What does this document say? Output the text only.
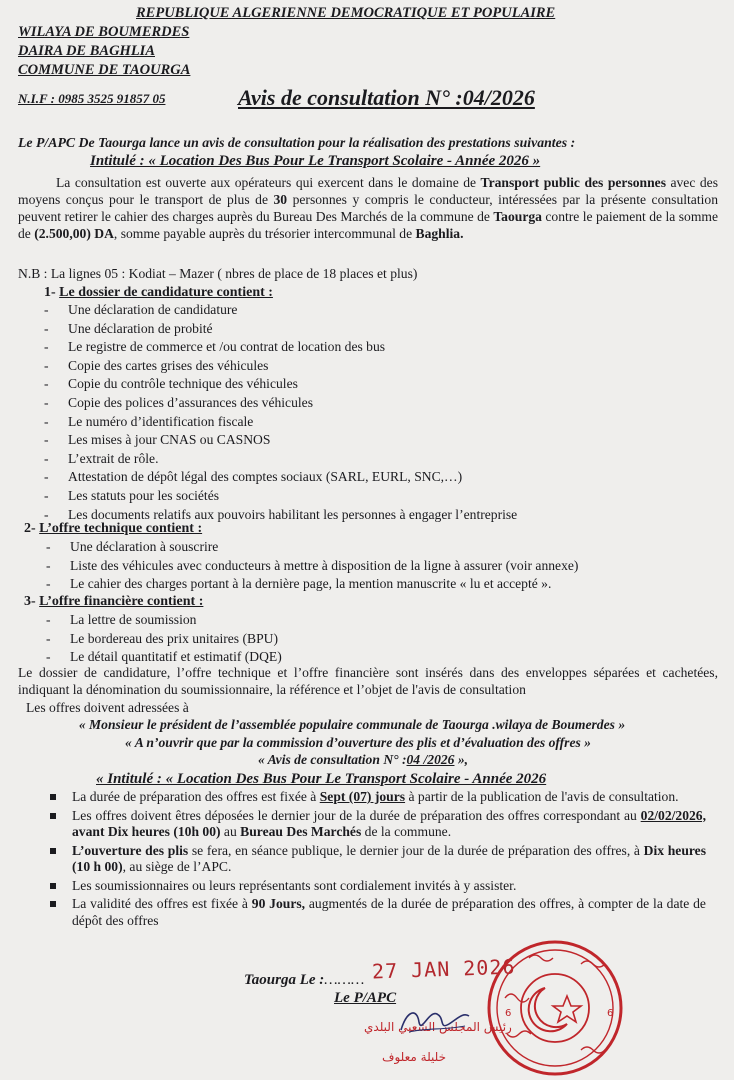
REPUBLIQUE ALGERIENNE DEMOCRATIQUE ET POPULAIRE
WILAYA DE BOUMERDES
DAIRA DE BAGHLIA
COMMUNE DE TAOURGA
N.I.F : 0985 3525 91857 05	Avis de consultation N° :04/2026
Le P/APC De Taourga lance un avis de consultation pour la réalisation des prestations suivantes :
Intitulé : « Location Des Bus Pour Le Transport Scolaire - Année 2026 »
La consultation est ouverte aux opérateurs qui exercent dans le domaine de Transport public des personnes avec des moyens conçus pour le transport de plus de 30 personnes y compris le conducteur, intéressées par la présente consultation peuvent retirer le cahier des charges auprès du Bureau Des Marchés de la commune de Taourga contre le paiement de la somme de (2.500,00) DA, somme payable auprès du trésorier intercommunal de Baghlia.
N.B : La lignes 05 : Kodiat – Mazer ( nbres de place de 18 places et plus)
1- Le dossier de candidature contient :
- Une déclaration de candidature
- Une déclaration de probité
- Le registre de commerce et /ou contrat de location des bus
- Copie des cartes grises des véhicules
- Copie du contrôle technique des véhicules
- Copie des polices d’assurances des véhicules
- Le numéro d’identification fiscale
- Les mises à jour CNAS ou CASNOS
- L’extrait de rôle.
- Attestation de dépôt légal des comptes sociaux (SARL, EURL, SNC,…)
- Les statuts pour les sociétés
- Les documents relatifs aux pouvoirs habilitant les personnes à engager l’entreprise
2- L’offre technique contient :
- Une déclaration à souscrire
- Liste des véhicules avec conducteurs à mettre à disposition de la ligne à assurer (voir annexe)
- Le cahier des charges portant à la dernière page, la mention manuscrite « lu et accepté ».
3- L’offre financière contient :
- La lettre de soumission
- Le bordereau des prix unitaires (BPU)
- Le détail quantitatif et estimatif (DQE)
Le dossier de candidature, l’offre technique et l’offre financière sont insérés dans des enveloppes séparées et cachetées, indiquant la dénomination du soumissionnaire, la référence et l’objet de l'avis de consultation
Les offres doivent adressées à
« Monsieur le président de l’assemblée populaire communale de Taourga .wilaya de Boumerdes »
« A n’ouvrir que par la commission d’ouverture des plis et d’évaluation des offres »
« Avis de consultation N° :04 /2026 »,
« Intitulé : « Location Des Bus Pour Le Transport Scolaire - Année 2026
La durée de préparation des offres est fixée à Sept (07) jours à partir de la publication de l'avis de consultation.
Les offres doivent êtres déposées le dernier jour de la durée de préparation des offres correspondant au 02/02/2026, avant Dix heures (10h 00) au Bureau Des Marchés de la commune.
L’ouverture des plis se fera, en séance publique, le dernier jour de la durée de préparation des offres, à Dix heures (10 h 00), au siège de l’APC.
Les soumissionnaires ou leurs représentants sont cordialement invités à y assister.
La validité des offres est fixée à 90 Jours, augmentés de la durée de préparation des offres, à compter de la date de dépôt des offres
Taourga Le :……… 27 JAN 2026
Le P/APC
رئيس المجلس الشعبي البلدي
خليلة معلوف
6	6
